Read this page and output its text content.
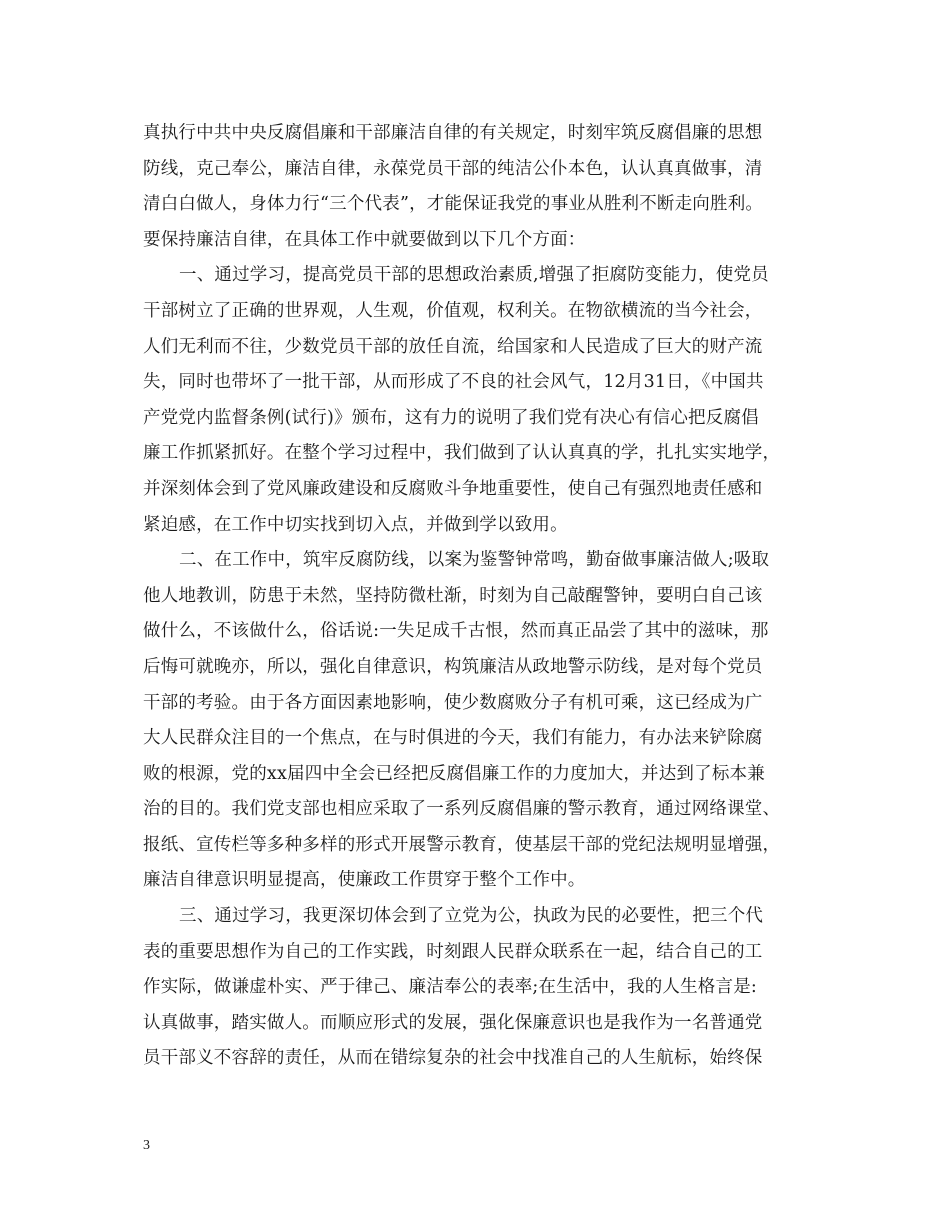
真执行中共中央反腐倡廉和干部廉洁自律的有关规定，时刻牢筑反腐倡廉的思想
防线，克己奉公，廉洁自律，永葆党员干部的纯洁公仆本色，认认真真做事，清
清白白做人，身体力行“三个代表”，才能保证我党的事业从胜利不断走向胜利。
要保持廉洁自律，在具体工作中就要做到以下几个方面：

一、通过学习，提高党员干部的思想政治素质,增强了拒腐防变能力，使党员
干部树立了正确的世界观，人生观，价值观，权利关。在物欲横流的当今社会，
人们无利而不往，少数党员干部的放任自流，给国家和人民造成了巨大的财产流
失，同时也带坏了一批干部，从而形成了不良的社会风气，12月31日，《中国共
产党党内监督条例(试行)》颁布，这有力的说明了我们党有决心有信心把反腐倡
廉工作抓紧抓好。在整个学习过程中，我们做到了认认真真的学，扎扎实实地学，
并深刻体会到了党风廉政建设和反腐败斗争地重要性，使自己有强烈地责任感和
紧迫感，在工作中切实找到切入点，并做到学以致用。

二、在工作中，筑牢反腐防线，以案为鉴警钟常鸣，勤奋做事廉洁做人;吸取
他人地教训，防患于未然，坚持防微杜渐，时刻为自己敲醒警钟，要明白自己该
做什么，不该做什么，俗话说:一失足成千古恨，然而真正品尝了其中的滋味，那
后悔可就晚亦，所以，强化自律意识，构筑廉洁从政地警示防线，是对每个党员
干部的考验。由于各方面因素地影响，使少数腐败分子有机可乘，这已经成为广
大人民群众注目的一个焦点，在与时俱进的今天，我们有能力，有办法来铲除腐
败的根源，党的xx届四中全会已经把反腐倡廉工作的力度加大，并达到了标本兼
治的目的。我们党支部也相应采取了一系列反腐倡廉的警示教育，通过网络课堂、
报纸、宣传栏等多种多样的形式开展警示教育，使基层干部的党纪法规明显增强，
廉洁自律意识明显提高，使廉政工作贯穿于整个工作中。

三、通过学习，我更深切体会到了立党为公，执政为民的必要性，把三个代
表的重要思想作为自己的工作实践，时刻跟人民群众联系在一起，结合自己的工
作实际，做谦虚朴实、严于律己、廉洁奉公的表率;在生活中，我的人生格言是:
认真做事，踏实做人。而顺应形式的发展，强化保廉意识也是我作为一名普通党
员干部义不容辞的责任，从而在错综复杂的社会中找准自己的人生航标，始终保

3
